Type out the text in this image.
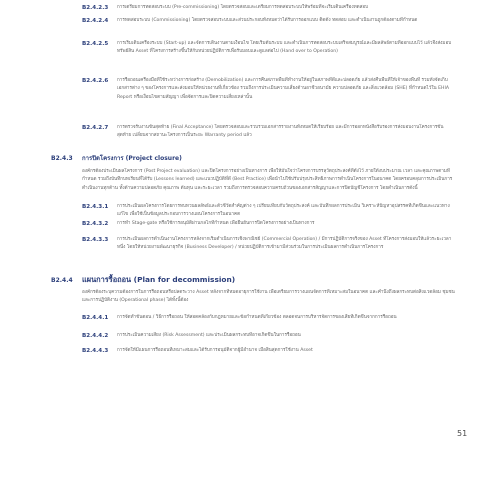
B2.4.2.3 การเตรียมการทดสอบระบบ (Pre-commissioning) โดยตรวจสอบและเตรียมการทดสอบระบบให้พร้อมที่จะเริ่มเดินเครื่องทดสอบ
B2.4.2.4 การทดสอบระบบ (Commissioning) โดยตรวจสอบระบบและส่วนประกอบทั้งหมดว่าได้รับการออกแบบ ติดตั้ง ทดสอบ และดำเนินงานถูกต้องตามที่กำหนด
B2.4.2.5 การเริ่มเดินเครื่องระบบ (Start-up) และจัดการเดินงานตามเงื่อนไข โดยเริ่มต้นระบบ และดำเนินการทดสอบระบบเสร็จสมบูรณ์และมีผลลัพธ์ตามที่ออกแบบไว้ แล้วจึงส่งมอบทรัพย์สิน Asset ที่โครงการสร้างขึ้นให้กับหน่วยปฏิบัติการเพื่อรับมอบและดูแลต่อไป (Hand over to Operation)
B2.4.2.6 การรื้อถอนเครื่องมือที่ใช้ระหว่างการก่อสร้าง (Demobilization) และการคืนสภาพพื้นที่ทำงานให้อยู่ในสภาพที่ดีและปลอดภัย แล้วส่งคืนพื้นที่ให้เจ้าของพื้นที่ รวมทั้งจัดเก็บเอกสารต่าง ๆ ของโครงการและส่งมอบให้หน่วยงานที่เกี่ยวข้อง รวมถึงการประเมินความเสี่ยงด้านอาชีวอนามัย ความปลอดภัย และสิ่งแวดล้อม (SHE) ที่กำหนดไว้ใน EHIA Report หรือเงื่อนไขตามสัญญา เพื่อจัดการและปิดความเสี่ยงเหล่านั้น
B2.4.2.7 การตรวจรับงานขั้นสุดท้าย (Final Acceptance) โดยตรวจสอบและรวบรวมเอกสารรายงานทั้งหมดให้เรียบร้อย และมีการออกหนังสือรับรองการส่งมอบงานโครงการขั้นสุดท้าย เปลี่ยนจากสถานะโครงการเป็นระยะ Warranty period แล้ว
B2.4.3 การปิดโครงการ (Project closure)
องค์กรต้องประเมินผลโครงการ (Post Project evaluation) และปิดโครงการอย่างเป็นทางการ เพื่อให้มั่นใจว่าโครงการบรรลุวัตถุประสงค์ที่ตั้งไว้ ภายใต้งบประมาณ เวลา และคุณภาพตามที่กำหนด รวมถึงบันทึกบทเรียนที่ได้รับ (Lessons learned) และแนวปฏิบัติที่ดี (Best Practice) เพื่อนำไปใช้ปรับปรุงประสิทธิภาพการดำเนินโครงการในอนาคต โดยครอบคลุมการประเมินการดำเนินงานทุกด้าน ทั้งด้านความปลอดภัย คุณภาพ ต้นทุน และระยะเวลา รวมถึงการตรวจสอบความครบถ้วนของเอกสารสัญญาและการปิดบัญชีโครงการ โดยดำเนินการดังนี้
B2.4.3.1 การประเมินผลโครงการโดยการทบทวนผลลัพธ์และตัวชี้วัดสำคัญต่าง ๆ เปรียบเทียบกับวัตถุประสงค์ และบันทึกผลการประเมิน วิเคราะห์ปัญหาอุปสรรคที่เกิดขึ้นและแนวทางแก้ไข เพื่อใช้เป็นข้อมูลประกอบการวางแผนโครงการในอนาคต
B2.4.3.2 การทำ Stage-gate หรือใช้การอนุมัติผ่านกลไกที่กำหนด เพื่อยืนยันการปิดโครงการอย่างเป็นทางการ
B2.4.3.3 การประเมินผลการดำเนินงานโครงการหลังจากเริ่มดำเนินการเชิงพาณิชย์ (Commercial Operation) / มีการปฏิบัติการจริงของ Asset ที่โครงการส่งมอบให้แล้วระยะเวลาหนึ่ง โดยให้หน่วยงานพัฒนาธุรกิจ (Business Developer) / หน่วยปฏิบัติการเข้ามามีส่วนร่วมในการประเมินผลการดำเนินการโครงการ
B2.4.4 แผนการรื้อถอน (Plan for decommission)
องค์กรต้องระบุความต้องการในการรื้อถอนหรือปลดระวาง Asset หลังจากที่หมดอายุการใช้งาน เพื่อเตรียมการวางแผนจัดการที่เหมาะสมในอนาคต และคำนึงถึงผลกระทบต่อสิ่งแวดล้อม ชุมชน และการปฏิบัติงาน (Operational phase) ได้ทั้งนี้ต้อง
B2.4.4.1 การจัดทำขั้นตอน / วิธีการรื้อถอน ให้สอดคล้องกับกฎหมายและข้อกำหนดที่เกี่ยวข้อง ตลอดจนการบริหารจัดการของเสียที่เกิดขึ้นจากการรื้อถอน
B2.4.4.2 การประเมินความเสี่ยง (Risk Assessment) และประเมินผลกระทบที่อาจเกิดขึ้นในการรื้อถอน
B2.4.4.3 การจัดให้มีแผนการรื้อถอนที่เหมาะสมและได้รับการอนุมัติจากผู้มีอำนาจ เมื่อสิ้นสุดการใช้งาน Asset
51
